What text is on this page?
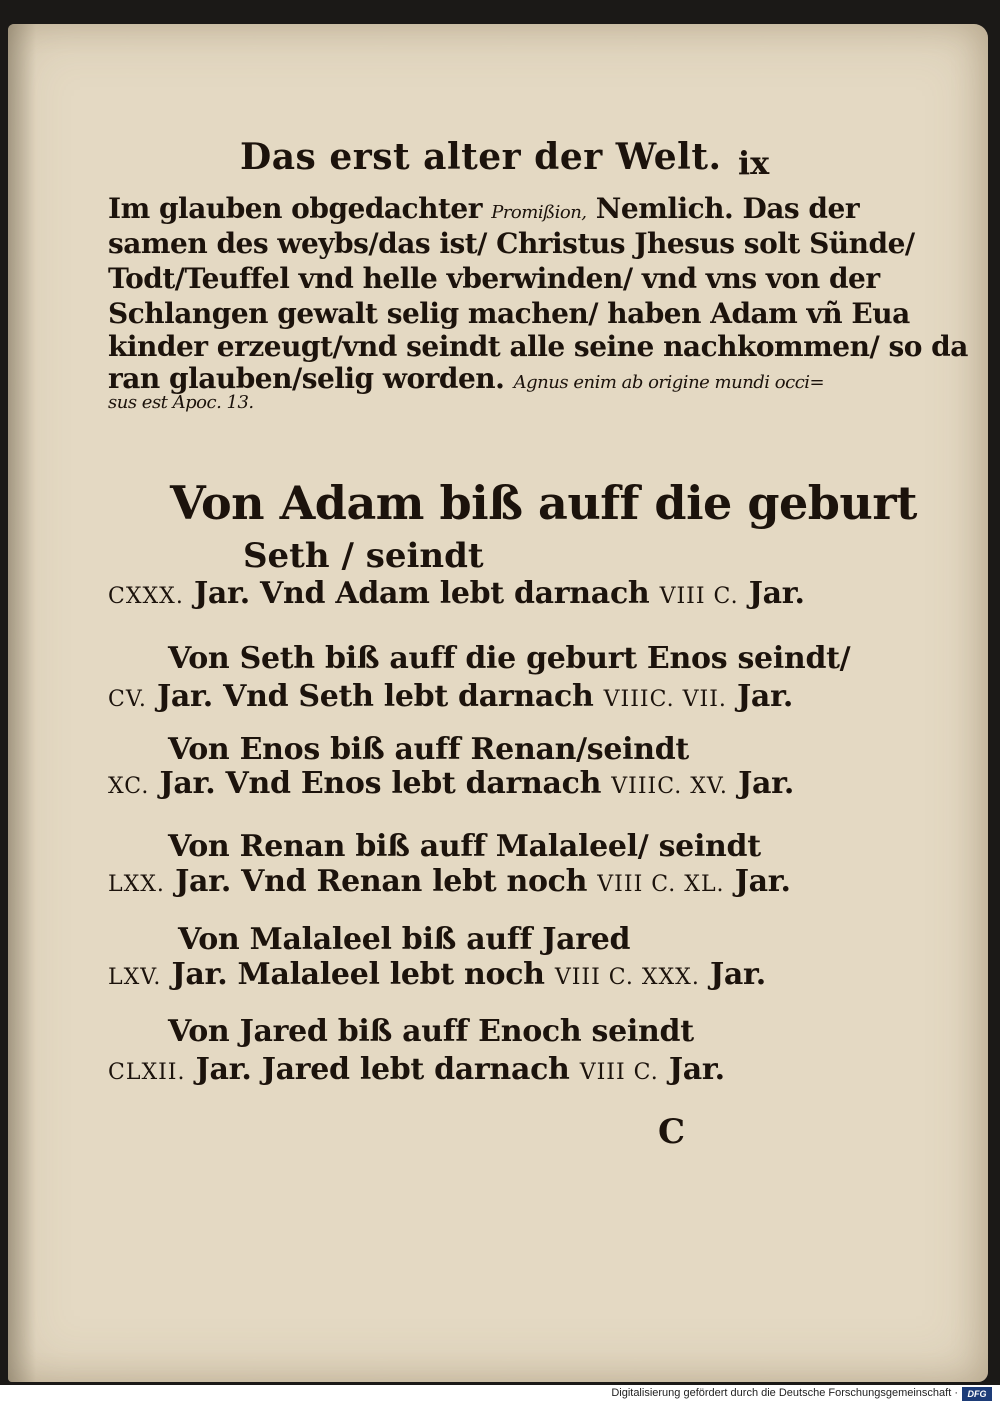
Das erst alter der Welt. ix
Im glauben obgedachter Promißion, Nemlich. Das der
samen des weybs/das ist/ Christus Jhesus solt Sünde/
Todt/Teuffel vnd helle vberwinden/ vnd vns von der
Schlangen gewalt selig machen/ haben Adam vñ Eua
kinder erzeugt/vnd seindt alle seine nachkommen/ so da
ran glauben/selig worden. Agnus enim ab origine mundi occi=
sus est Apoc. 13.
Von Adam biß auff die geburt
Seth / seindt
CXXX. Jar. Vnd Adam lebt darnach VIII C. Jar.
Von Seth biß auff die geburt Enos seindt/
CV. Jar. Vnd Seth lebt darnach VIIIC. VII. Jar.
Von Enos biß auff Renan/seindt
XC. Jar. Vnd Enos lebt darnach VIIIC. XV. Jar.
Von Renan biß auff Malaleel/ seindt
LXX. Jar. Vnd Renan lebt noch VIII C. XL. Jar.
Von Malaleel biß auff Jared
LXV. Jar. Malaleel lebt noch VIII C. XXX. Jar.
Von Jared biß auff Enoch seindt
CLXII. Jar. Jared lebt darnach VIII C. Jar.
C
Digitalisierung gefördert durch die Deutsche Forschungsgemeinschaft ·	DFG
